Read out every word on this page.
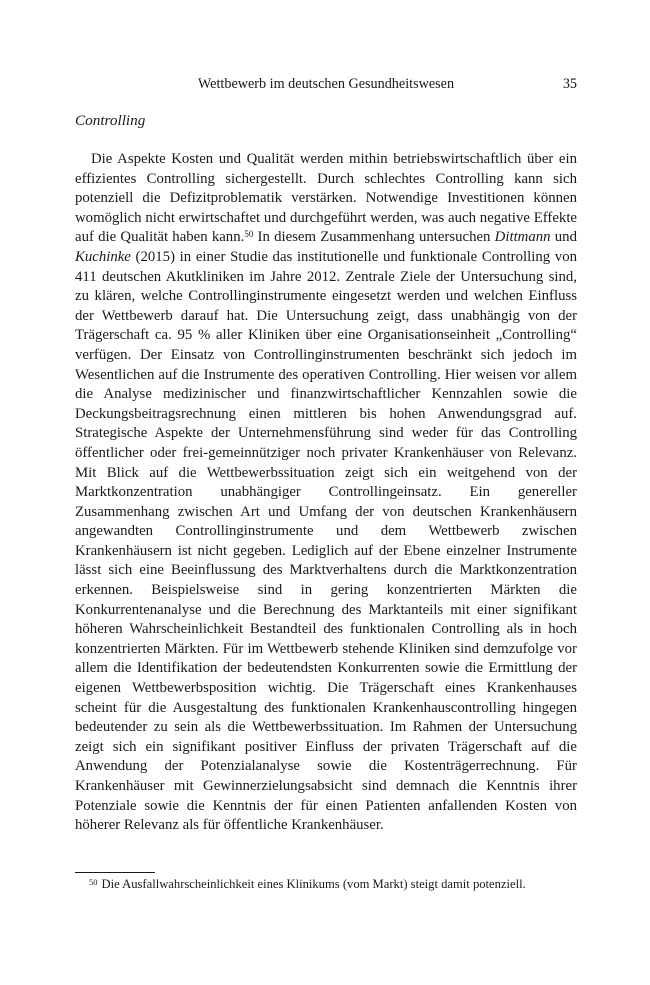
Wettbewerb im deutschen Gesundheitswesen	35
Controlling

Die Aspekte Kosten und Qualität werden mithin betriebswirtschaftlich über ein effizientes Controlling sichergestellt. Durch schlechtes Controlling kann sich potenziell die Defizitproblematik verstärken. Notwendige Investitionen können womöglich nicht erwirtschaftet und durchgeführt werden, was auch negative Effekte auf die Qualität haben kann.$^{50}$ In diesem Zusammenhang untersuchen Dittmann und Kuchinke (2015) in einer Studie das institutionelle und funktionale Controlling von 411 deutschen Akutkliniken im Jahre 2012. Zentrale Ziele der Untersuchung sind, zu klären, welche Controllinginstrumente eingesetzt werden und welchen Einfluss der Wettbewerb darauf hat. Die Untersuchung zeigt, dass unabhängig von der Trägerschaft ca. 95 % aller Kliniken über eine Organisationseinheit „Controlling“ verfügen. Der Einsatz von Controllinginstrumenten beschränkt sich jedoch im Wesentlichen auf die Instrumente des operativen Controlling. Hier weisen vor allem die Analyse medizinischer und finanzwirtschaftlicher Kennzahlen sowie die Deckungsbeitragsrechnung einen mittleren bis hohen Anwendungsgrad auf. Strategische Aspekte der Unternehmensführung sind weder für das Controlling öffentlicher oder frei-gemeinnütziger noch privater Krankenhäuser von Relevanz. Mit Blick auf die Wettbewerbssituation zeigt sich ein weitgehend von der Marktkonzentration unabhängiger Controllingeinsatz. Ein genereller Zusammenhang zwischen Art und Umfang der von deutschen Krankenhäusern angewandten Controllinginstrumente und dem Wettbewerb zwischen Krankenhäusern ist nicht gegeben. Lediglich auf der Ebene einzelner Instrumente lässt sich eine Beeinflussung des Marktverhaltens durch die Marktkonzentration erkennen. Beispielsweise sind in gering konzentrierten Märkten die Konkurrentenanalyse und die Berechnung des Marktanteils mit einer signifikant höheren Wahrscheinlichkeit Bestandteil des funktionalen Controlling als in hoch konzentrierten Märkten. Für im Wettbewerb stehende Kliniken sind demzufolge vor allem die Identifikation der bedeutendsten Konkurrenten sowie die Ermittlung der eigenen Wettbewerbsposition wichtig. Die Trägerschaft eines Krankenhauses scheint für die Ausgestaltung des funktionalen Krankenhauscontrolling hingegen bedeutender zu sein als die Wettbewerbssituation. Im Rahmen der Untersuchung zeigt sich ein signifikant positiver Einfluss der privaten Trägerschaft auf die Anwendung der Potenzialanalyse sowie die Kostenträgerrechnung. Für Krankenhäuser mit Gewinnerzielungsabsicht sind demnach die Kenntnis ihrer Potenziale sowie die Kenntnis der für einen Patienten anfallenden Kosten von höherer Relevanz als für öffentliche Krankenhäuser.

$^{50}$ Die Ausfallwahrscheinlichkeit eines Klinikums (vom Markt) steigt damit potenziell.
